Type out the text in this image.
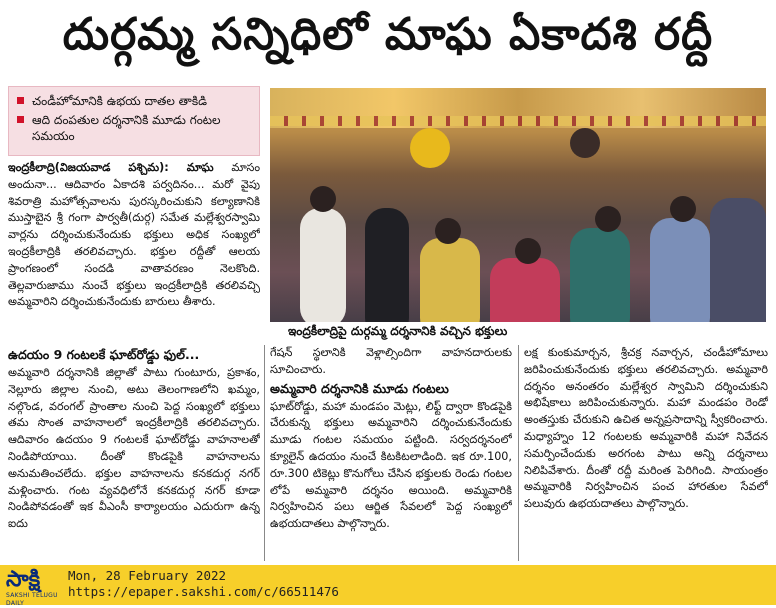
దుర్గమ్మ సన్నిధిలో మాఘ ఏకాదశి రద్దీ
చండీహోమానికి ఉభయ దాతల తాకిడి
ఆది దంపతుల దర్శనానికి మూడు గంటల సమయం

ఇంద్రకీలాద్రి(విజయవాడ పశ్చిమ): మాఘ మాసం అందునా... ఆదివారం ఏకాదశి పర్వదినం... మరో వైపు శివరాత్రి మహోత్సవాలను పురస్కరించుకుని కల్యాణానికి ముస్తాబైన శ్రీ గంగా పార్వతీ(దుర్గ) సమేత మల్లేశ్వరస్వామి వార్లను దర్శించుకునేందుకు భక్తులు అధిక సంఖ్యలో ఇంద్రకీలాద్రికి తరలివచ్చారు. భక్తుల రద్దీతో ఆలయ ప్రాంగణంలో సందడి వాతావరణం నెలకొంది. తెల్లవారుజాము నుంచే భక్తులు ఇంద్రకీలాద్రికి తరలివచ్చి అమ్మవారిని దర్శించుకునేందుకు బారులు తీశారు.

ఇంద్రకీలాద్రిపై దుర్గమ్మ దర్శనానికి వచ్చిన భక్తులు
ఉదయం 9 గంటలకే ఘాట్‌రోడ్డు ఫుల్‌...

అమ్మవారి దర్శనానికి జిల్లాతో పాటు గుంటూరు, ప్రకాశం, నెల్లూరు జిల్లాల నుంచి, అటు తెలంగాణలోని ఖమ్మం, నల్గొండ, వరంగల్‌ ప్రాంతాల నుంచి పెద్ద సంఖ్యలో భక్తులు తమ సొంత వాహనాలలో ఇంద్రకీలాద్రికి తరలివచ్చారు. ఆదివారం ఉదయం 9 గంటలకే ఘాట్‌రోడ్డు వాహనాలతో నిండిపోయాయి. దీంతో కొండపైకి వాహనాలను అనుమతించలేదు. భక్తుల వాహనాలను కనకదుర్గ నగర్‌ మళ్లించారు. గంట వ్యవధిలోనే కనకదుర్గ నగర్‌ కూడా నిండిపోవడంతో ఇక వీఎంసీ కార్యాలయం ఎదురుగా ఉన్న ఐదు

గేషన్‌ స్థలానికి వెళ్లాల్సిందిగా వాహనదారులకు సూచించారు.

అమ్మవారి దర్శనానికి మూడు గంటలు

ఘాట్‌రోడ్డు, మహా మండపం మెట్లు, లిఫ్ట్‌ ద్వారా కొండపైకి చేరుకున్న భక్తులు అమ్మవారిని దర్శించుకునేందుకు మూడు గంటల సమయం పట్టింది. సర్వదర్శనంలో క్యూలైన్‌ ఉదయం నుంచే కిటకిటలాడింది. ఇక రూ.100, రూ.300 టికెట్లు కొనుగోలు చేసిన భక్తులకు రెండు గంటల లోపే అమ్మవారి దర్శనం అయింది. అమ్మవారికి నిర్వహించిన పలు ఆర్జిత సేవలలో పెద్ద సంఖ్యలో ఉభయదాతలు పాల్గొన్నారు.

లక్ష కుంకుమార్చన, శ్రీచక్ర నవార్చన, చండీహోమాలు జరిపించుకునేందుకు భక్తులు తరలివచ్చారు. అమ్మవారి దర్శనం అనంతరం మల్లేశ్వర స్వామిని దర్శించుకుని అభిషేకాలు జరిపించుకున్నారు. మహా మండపం రెండో అంతస్తుకు చేరుకుని ఉచిత అన్నప్రసాదాన్ని స్వీకరించారు. మధ్యాహ్నం 12 గంటలకు అమ్మవారికి మహా నివేదన సమర్పించేందుకు అరగంట పాటు అన్ని దర్శనాలు నిలిపివేశారు. దీంతో రద్దీ మరింత పెరిగింది. సాయంత్రం అమ్మవారికి నిర్వహించిన పంచ హారతుల సేవలో పలువురు ఉభయదాతలు పాల్గొన్నారు.

సాక్షి
SAKSHI TELUGU DAILY
Mon, 28 February 2022
https://epaper.sakshi.com/c/66511476
